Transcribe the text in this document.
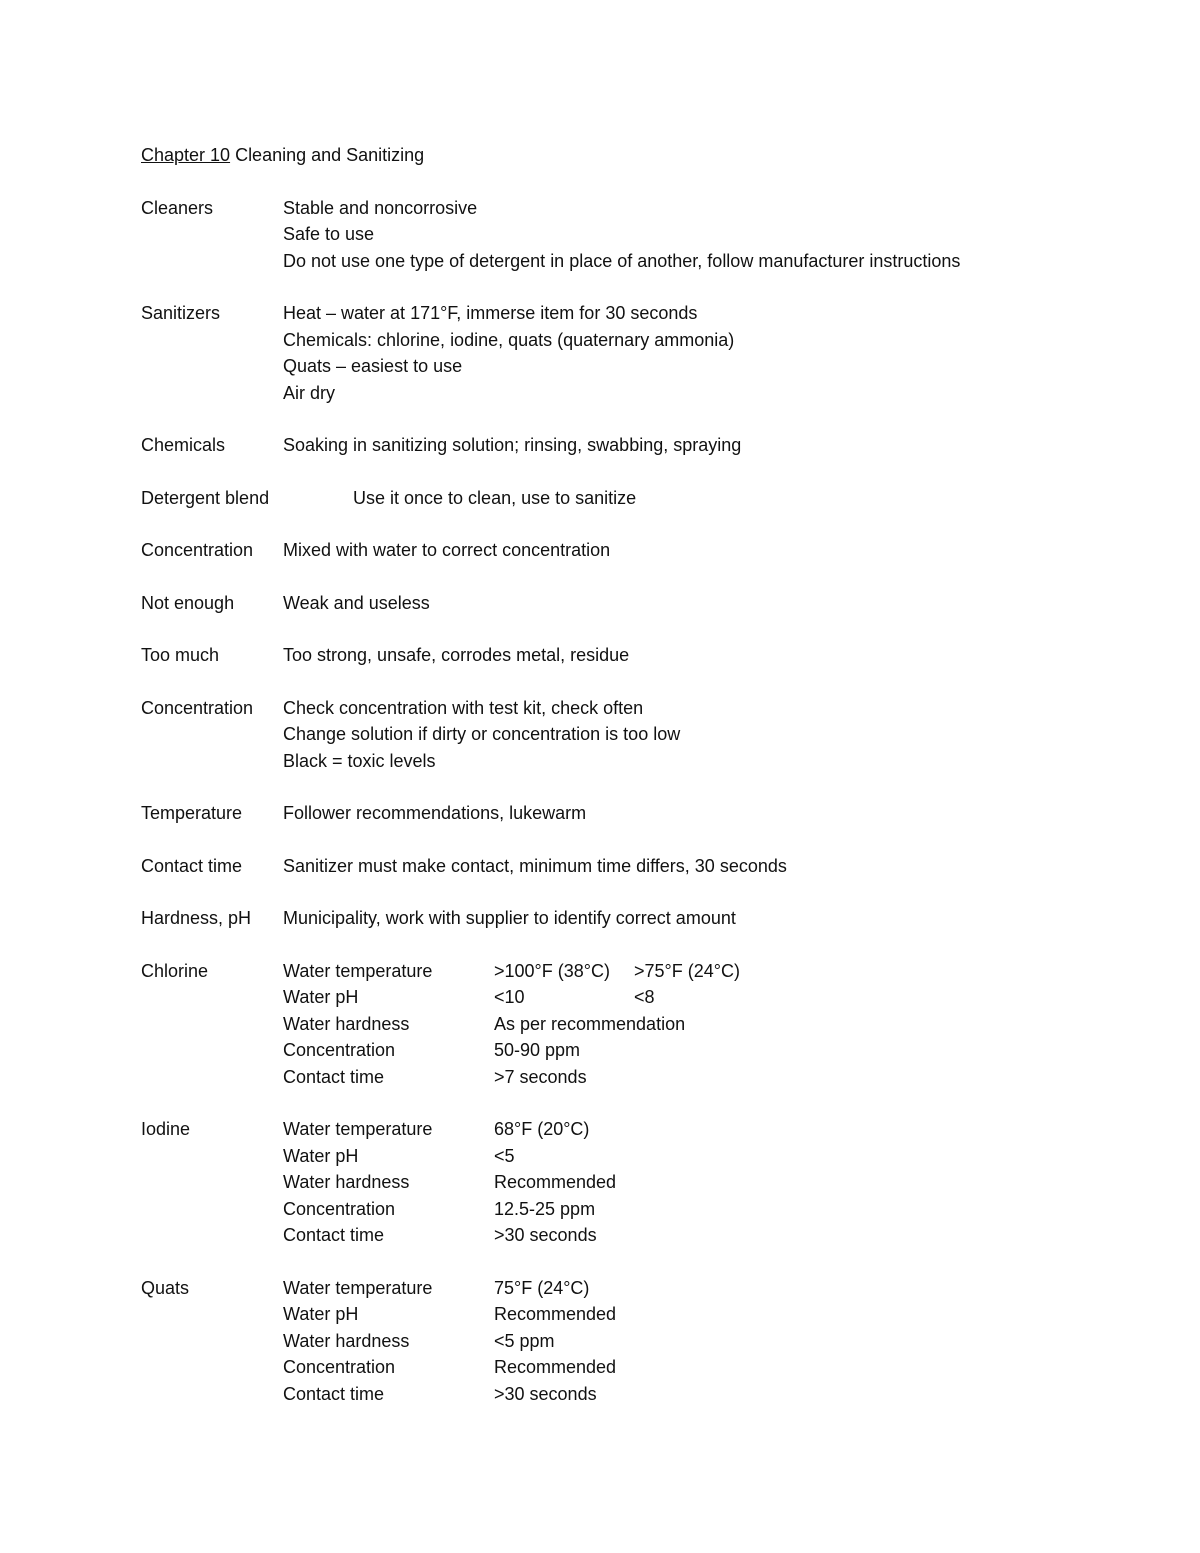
Chapter 10 Cleaning and Sanitizing
Cleaners	Stable and noncorrosive
Safe to use
Do not use one type of detergent in place of another, follow manufacturer instructions
Sanitizers	Heat – water at 171°F, immerse item for 30 seconds
Chemicals: chlorine, iodine, quats (quaternary ammonia)
Quats – easiest to use
Air dry
Chemicals	Soaking in sanitizing solution; rinsing, swabbing, spraying
Detergent blend	Use it once to clean, use to sanitize
Concentration	Mixed with water to correct concentration
Not enough	Weak and useless
Too much	Too strong, unsafe, corrodes metal, residue
Concentration	Check concentration with test kit, check often
Change solution if dirty or concentration is too low
Black = toxic levels
Temperature	Follower recommendations, lukewarm
Contact time	Sanitizer must make contact, minimum time differs, 30 seconds
Hardness, pH	Municipality, work with supplier to identify correct amount
Chlorine	Water temperature	>100°F (38°C)	>75°F (24°C)
Water pH	<10	<8
Water hardness	As per recommendation
Concentration	50-90 ppm
Contact time	>7 seconds
Iodine	Water temperature	68°F (20°C)
Water pH	<5
Water hardness	Recommended
Concentration	12.5-25 ppm
Contact time	>30 seconds
Quats	Water temperature	75°F (24°C)
Water pH	Recommended
Water hardness	<5 ppm
Concentration	Recommended
Contact time	>30 seconds
